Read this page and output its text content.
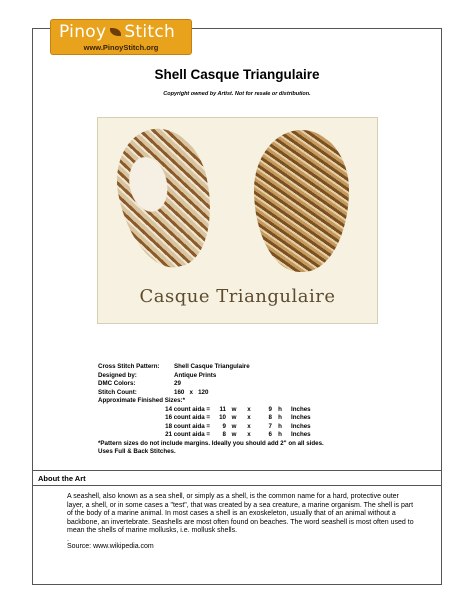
Pinoy Stitch
www.PinoyStitch.org
Shell Casque Triangulaire
Copyright owned by Artist. Not for resale or distribution.
Casque Triangulaire
Cross Stitch Pattern: Shell Casque Triangulaire
Designed by:	Antique Prints
DMC Colors:	29
Stitch Count:	160   x   120
Approximate Finished Sizes:*
14 count aida = 11 w x	9 h Inches
16 count aida = 10 w x	8 h Inches
18 count aida = 9 w x	7 h Inches
21 count aida = 8 w x	6 h Inches
*Pattern sizes do not include margins. Ideally you should add 2" on all sides.
Uses Full & Back Stitches.
About the Art

A seashell, also known as a sea shell, or simply as a shell, is the common name for a hard, protective outer layer, a shell, or in some cases a "test", that was created by a sea creature, a marine organism. The shell is part of the body of a marine animal. In most cases a shell is an exoskeleton, usually that of an animal without a backbone, an invertebrate. Seashells are most often found on beaches. The word seashell is most often used to mean the shells of marine mollusks, i.e. mollusk shells.

.

Source: www.wikipedia.com
